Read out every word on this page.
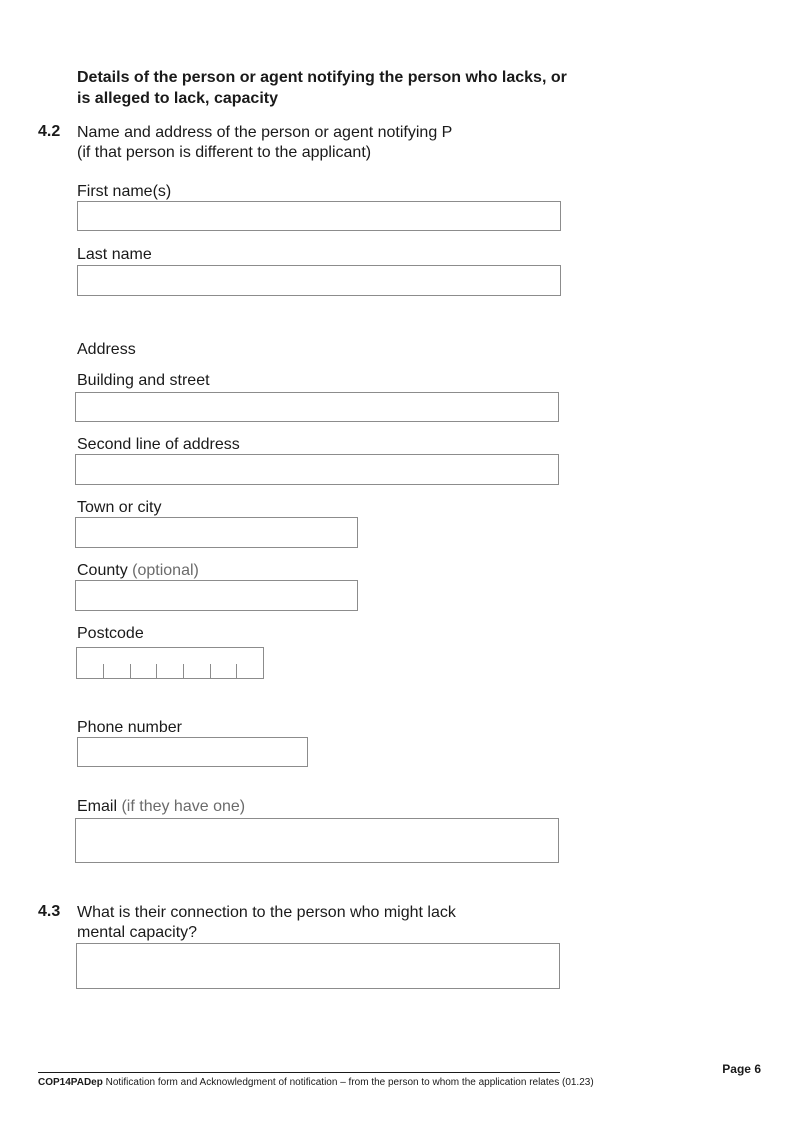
Details of the person or agent notifying the person who lacks, or is alleged to lack, capacity
4.2 Name and address of the person or agent notifying P
(if that person is different to the applicant)
First name(s)
Last name
Address
Building and street
Second line of address
Town or city
County (optional)
Postcode
Phone number
Email (if they have one)
4.3 What is their connection to the person who might lack
mental capacity?
COP14PADep Notification form and Acknowledgment of notification – from the person to whom the application relates (01.23)
Page 6
